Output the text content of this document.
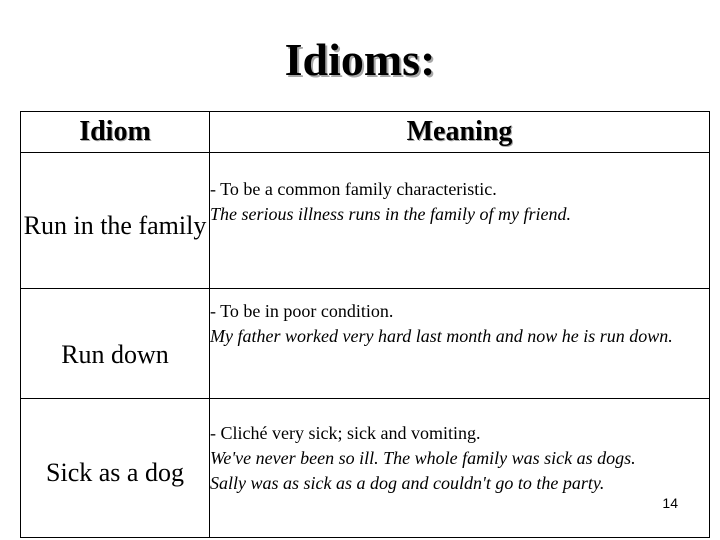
Idioms:
Idiom	Meaning
Run in the family	- To be a common family characteristic.
The serious illness runs in the family of my friend.

Run down	- To be in poor condition.
My father worked very hard last month and now he is run down.

Sick as a dog	- Cliché very sick; sick and vomiting.
We've never been so ill. The whole family was sick as dogs.
Sally was as sick as a dog and couldn't go to the party.
14
